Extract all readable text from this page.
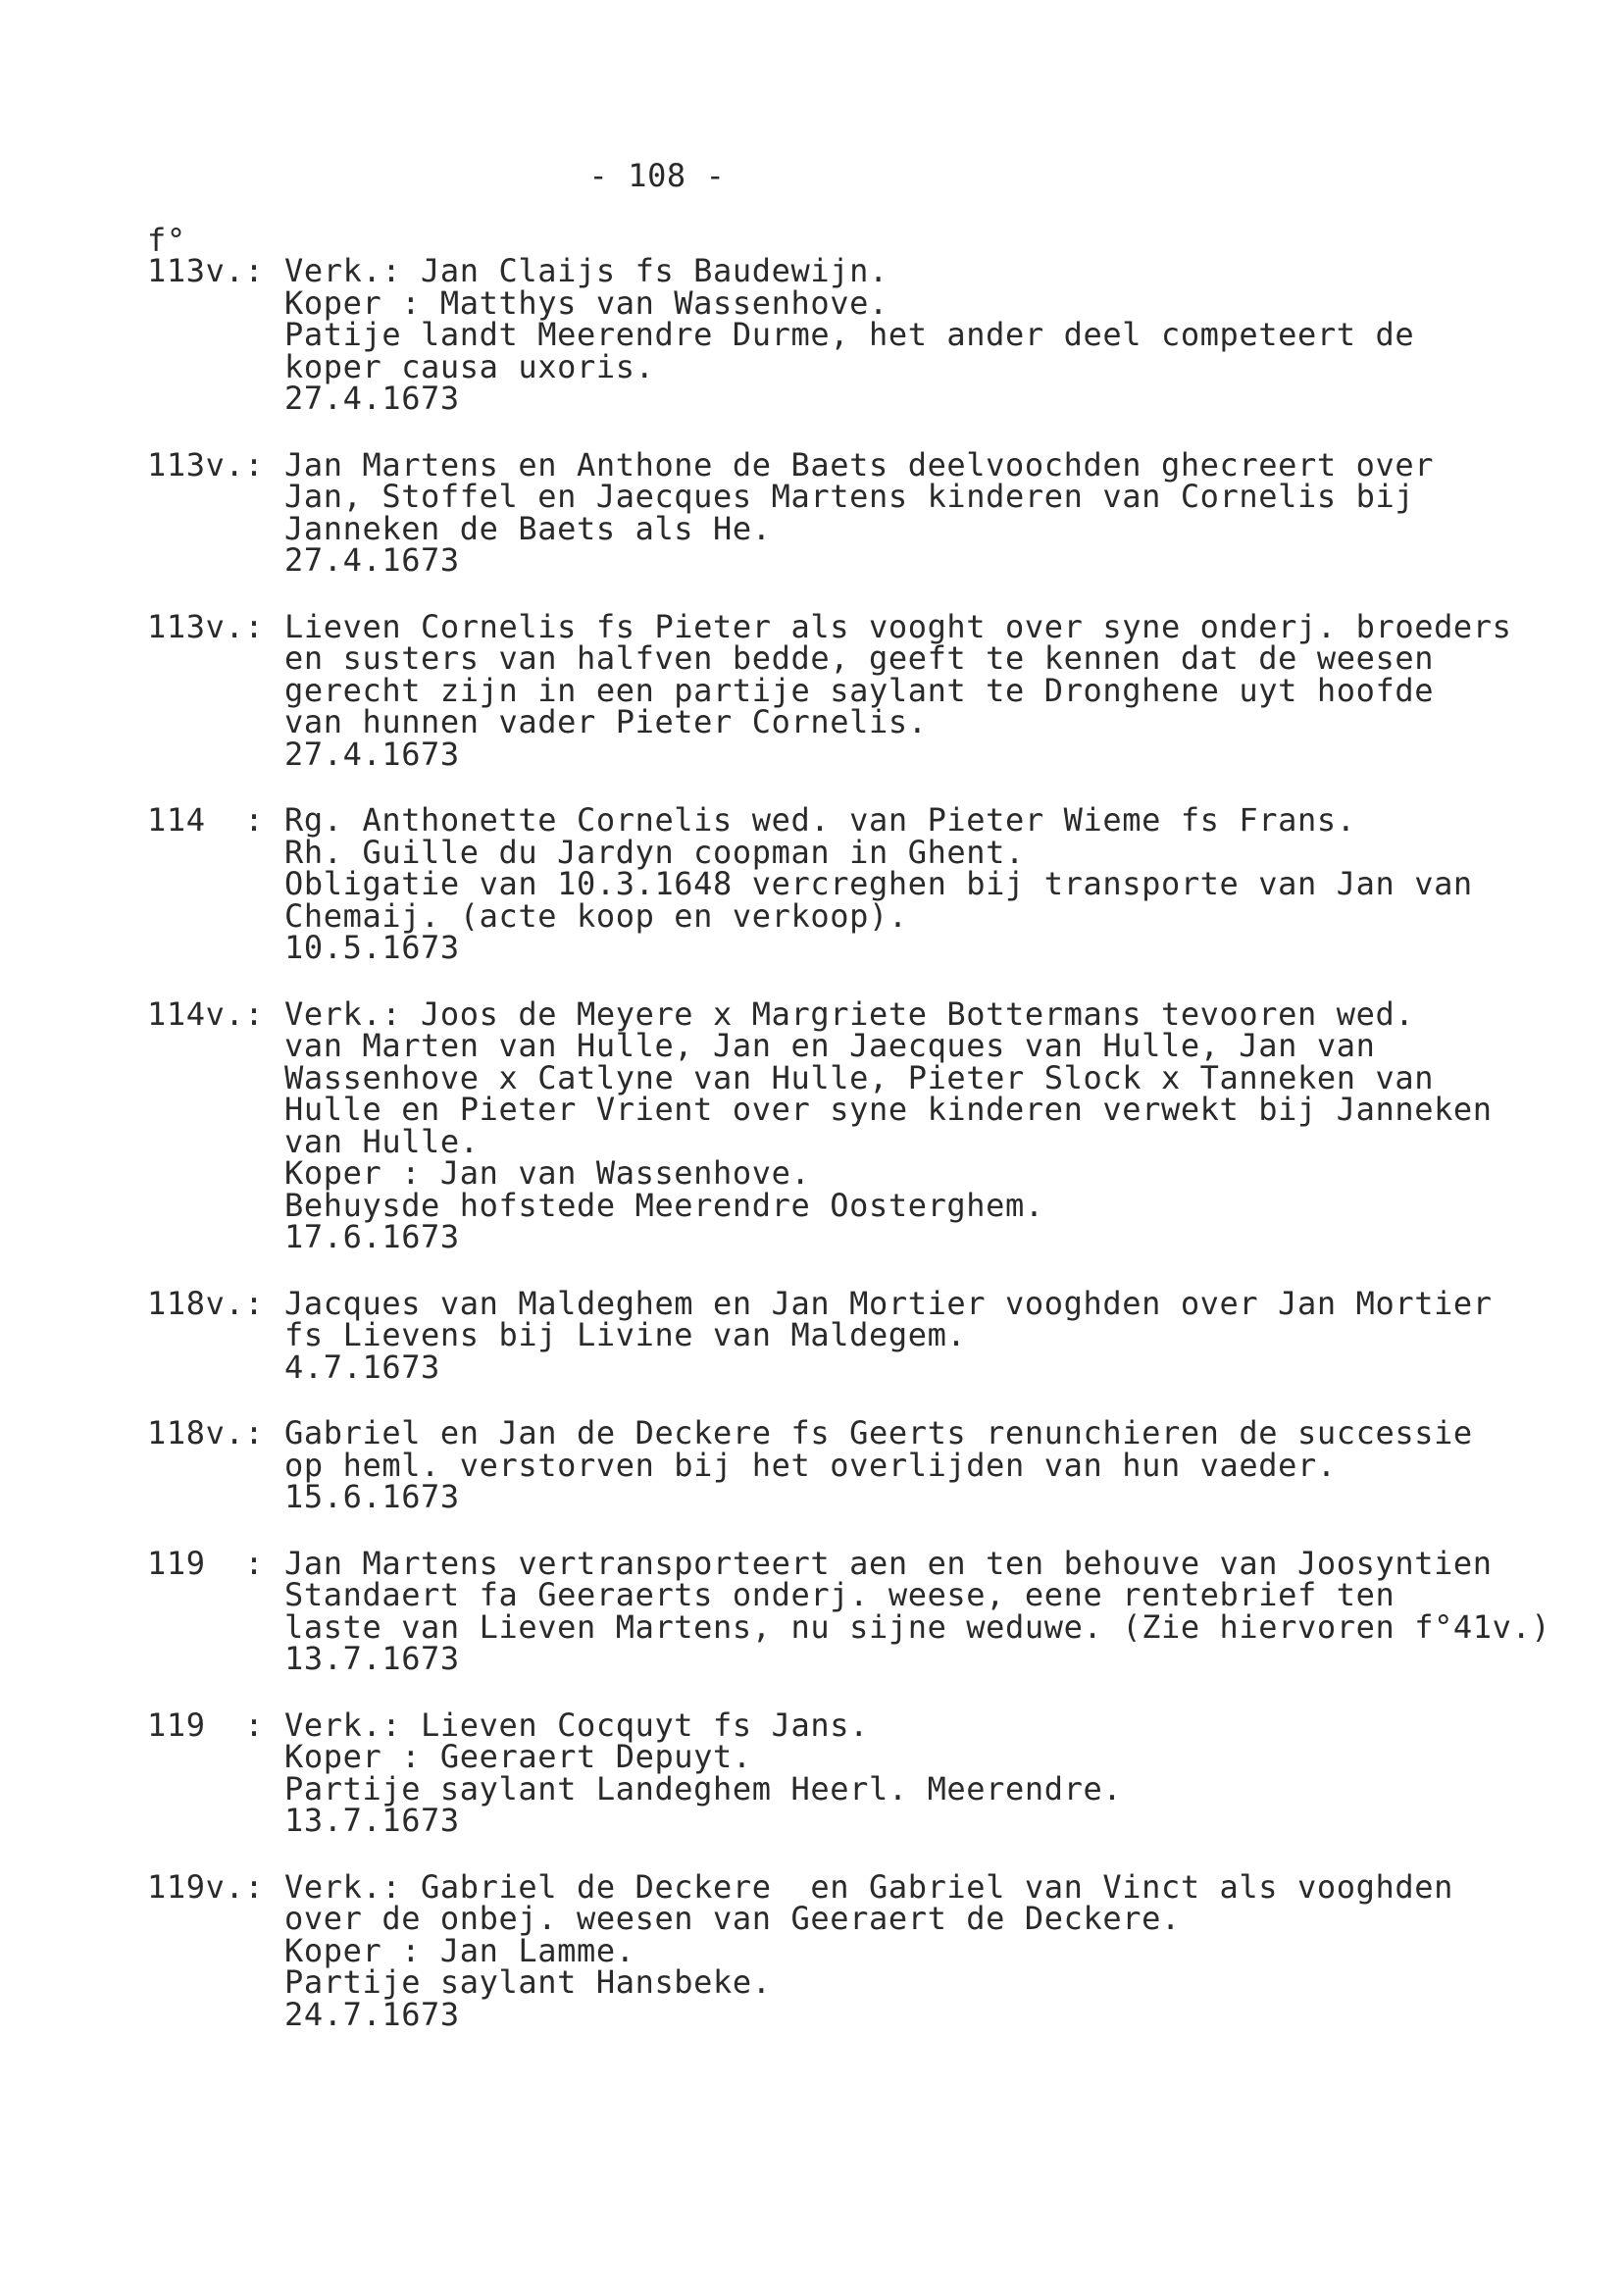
- 108 -
f°
113v.: Verk.: Jan Claijs fs Baudewijn.
Koper : Matthys van Wassenhove.
Patije landt Meerendre Durme, het ander deel competeert de
koper causa uxoris.
27.4.1673
113v.: Jan Martens en Anthone de Baets deelvoochden ghecreert over
Jan, Stoffel en Jaecques Martens kinderen van Cornelis bij
Janneken de Baets als He.
27.4.1673
113v.: Lieven Cornelis fs Pieter als vooght over syne onderj. broeders
en susters van halfven bedde, geeft te kennen dat de weesen
gerecht zijn in een partije saylant te Dronghene uyt hoofde
van hunnen vader Pieter Cornelis.
27.4.1673
114  : Rg. Anthonette Cornelis wed. van Pieter Wieme fs Frans.
Rh. Guille du Jardyn coopman in Ghent.
Obligatie van 10.3.1648 vercreghen bij transporte van Jan van
Chemaij. (acte koop en verkoop).
10.5.1673
114v.: Verk.: Joos de Meyere x Margriete Bottermans tevooren wed.
van Marten van Hulle, Jan en Jaecques van Hulle, Jan van
Wassenhove x Catlyne van Hulle, Pieter Slock x Tanneken van
Hulle en Pieter Vrient over syne kinderen verwekt bij Janneken
van Hulle.
Koper : Jan van Wassenhove.
Behuysde hofstede Meerendre Oosterghem.
17.6.1673
118v.: Jacques van Maldeghem en Jan Mortier vooghden over Jan Mortier
fs Lievens bij Livine van Maldegem.
4.7.1673
118v.: Gabriel en Jan de Deckere fs Geerts renunchieren de successie
op heml. verstorven bij het overlijden van hun vaeder.
15.6.1673
119  : Jan Martens vertransporteert aen en ten behouve van Joosyntien
Standaert fa Geeraerts onderj. weese, eene rentebrief ten
laste van Lieven Martens, nu sijne weduwe. (Zie hiervoren f°41v.)
13.7.1673
119  : Verk.: Lieven Cocquyt fs Jans.
Koper : Geeraert Depuyt.
Partije saylant Landeghem Heerl. Meerendre.
13.7.1673
119v.: Verk.: Gabriel de Deckere  en Gabriel van Vinct als vooghden
over de onbej. weesen van Geeraert de Deckere.
Koper : Jan Lamme.
Partije saylant Hansbeke.
24.7.1673
